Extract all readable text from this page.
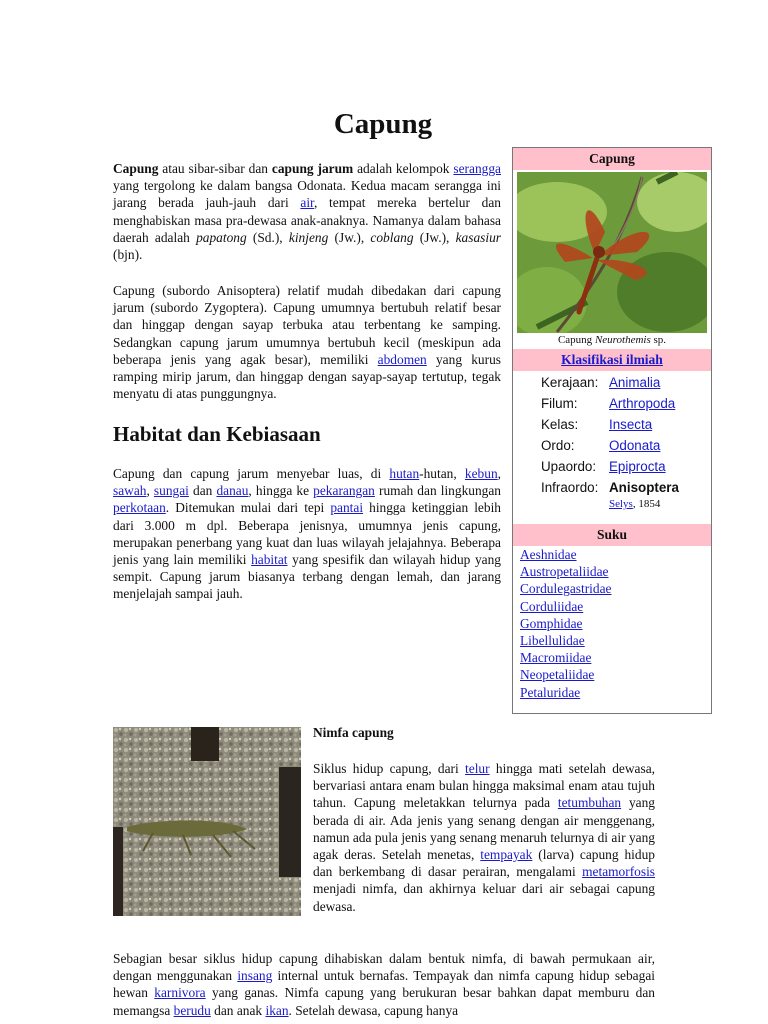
Capung

Capung atau sibar-sibar dan capung jarum adalah kelompok serangga yang tergolong ke dalam bangsa Odonata. Kedua macam serangga ini jarang berada jauh-jauh dari air, tempat mereka bertelur dan menghabiskan masa pra-dewasa anak-anaknya. Namanya dalam bahasa daerah adalah papatong (Sd.), kinjeng (Jw.), coblang (Jw.), kasasiur (bjn).

Capung (subordo Anisoptera) relatif mudah dibedakan dari capung jarum (subordo Zygoptera). Capung umumnya bertubuh relatif besar dan hinggap dengan sayap terbuka atau terbentang ke samping. Sedangkan capung jarum umumnya bertubuh kecil (meskipun ada beberapa jenis yang agak besar), memiliki abdomen yang kurus ramping mirip jarum, dan hinggap dengan sayap-sayap tertutup, tegak menyatu di atas punggungnya.

Habitat dan Kebiasaan

Capung dan capung jarum menyebar luas, di hutan-hutan, kebun, sawah, sungai dan danau, hingga ke pekarangan rumah dan lingkungan perkotaan. Ditemukan mulai dari tepi pantai hingga ketinggian lebih dari 3.000 m dpl. Beberapa jenisnya, umumnya jenis capung, merupakan penerbang yang kuat dan luas wilayah jelajahnya. Beberapa jenis yang lain memiliki habitat yang spesifik dan wilayah hidup yang sempit. Capung jarum biasanya terbang dengan lemah, dan jarang menjelajah sampai jauh.

Capung
Capung Neurothemis sp.
Klasifikasi ilmiah
Kerajaan:	Animalia
Filum:	Arthropoda
Kelas:	Insecta
Ordo:	Odonata
Upaordo:	Epiprocta
Infraordo:	Anisoptera
Selys, 1854
Suku
Aeshnidae
Austropetaliidae
Cordulegastridae
Corduliidae
Gomphidae
Libellulidae
Macromiidae
Neopetaliidae
Petaluridae

Nimfa capung

Siklus hidup capung, dari telur hingga mati setelah dewasa, bervariasi antara enam bulan hingga maksimal enam atau tujuh tahun. Capung meletakkan telurnya pada tetumbuhan yang berada di air. Ada jenis yang senang dengan air menggenang, namun ada pula jenis yang senang menaruh telurnya di air yang agak deras. Setelah menetas, tempayak (larva) capung hidup dan berkembang di dasar perairan, mengalami metamorfosis menjadi nimfa, dan akhirnya keluar dari air sebagai capung dewasa.

Sebagian besar siklus hidup capung dihabiskan dalam bentuk nimfa, di bawah permukaan air, dengan menggunakan insang internal untuk bernafas. Tempayak dan nimfa capung hidup sebagai hewan karnivora yang ganas. Nimfa capung yang berukuran besar bahkan dapat memburu dan memangsa berudu dan anak ikan. Setelah dewasa, capung hanya
